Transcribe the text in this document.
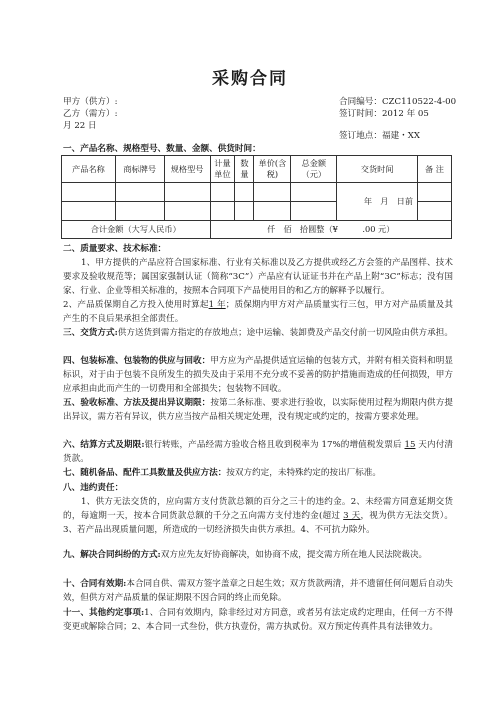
采购合同
甲方（供方）:
乙方（需方）:
月 22 日
合同编号：CZC110522-4-00
签订时间：2012 年 05
签订地点：福建・XX
一、产品名称、规格型号、数量、金额、供货时间：
产品名称	商标牌号	规格型号	计量单位	数量	单价(含税)	总金额（元）	交货时间	备 注
							年　月　日前	

合计金额（大写人民币）			仟　佰　拾圆整（¥　　　.00 元）					
二、质量要求、技术标准：
1、甲方提供的产品应符合国家标准、行业有关标准以及乙方提供或经乙方会签的产品图样、技术要求及验收规范等；属国家强制认证（简称“3C”）产品应有认证证书并在产品上附“3C”标志；没有国家、行业、企业等相关标准的，按照本合同项下产品使用目的和乙方的解释予以履行。
2、产品质保期自乙方投入使用时算起1 年；质保期内甲方对产品质量实行三包，甲方对产品质量及其产生的不良后果承担全部责任。
三、交货方式:供方送货到需方指定的存放地点；途中运输、装卸费及产品交付前一切风险由供方承担。
四、包装标准、包装物的供应与回收：甲方应为产品提供适宜运输的包装方式，并附有相关资料和明显标识，对于由于包装不良所发生的损失及由于采用不充分或不妥善的防护措施而造成的任何损毁，甲方应承担由此而产生的一切费用和全部损失；包装物不回收。
五、验收标准、方法及提出异议期限：按第二条标准、要求进行验收，以实际使用过程为期限内供方提出异议，需方若有异议，供方应当按产品相关规定处理，没有规定或约定的，按需方要求处理。
六、结算方式及期限:银行转账，产品经需方验收合格且收到税率为 17%的增值税发票后 15 天内付清货款。
七、随机备品、配件工具数量及供应方法：按双方约定，未特殊约定的按出厂标准。
八、违约责任：
1、供方无法交货的，应向需方支付货款总额的百分之三十的违约金。2、未经需方同意延期交货的，每逾期一天，按本合同货款总额的千分之五向需方支付违约金(超过 3 天，视为供方无法交货）。3、若产品出现质量问题，所造成的一切经济损失由供方承担。4、不可抗力除外。
九、解决合同纠纷的方式:双方应先友好协商解决，如协商不成，提交需方所在地人民法院裁决。
十、合同有效期:本合同自供、需双方签字盖章之日起生效；双方货款两清，并不遗留任何问题后自动失效，但供方对产品质量的保证期限不因合同的终止而免除。
十一、其他约定事项:1、合同有效期内，除非经过对方同意，或者另有法定成约定理由，任何一方不得变更或解除合同；2、本合同一式叁份，供方执壹份，需方执贰份。双方预定传真件具有法律效力。
